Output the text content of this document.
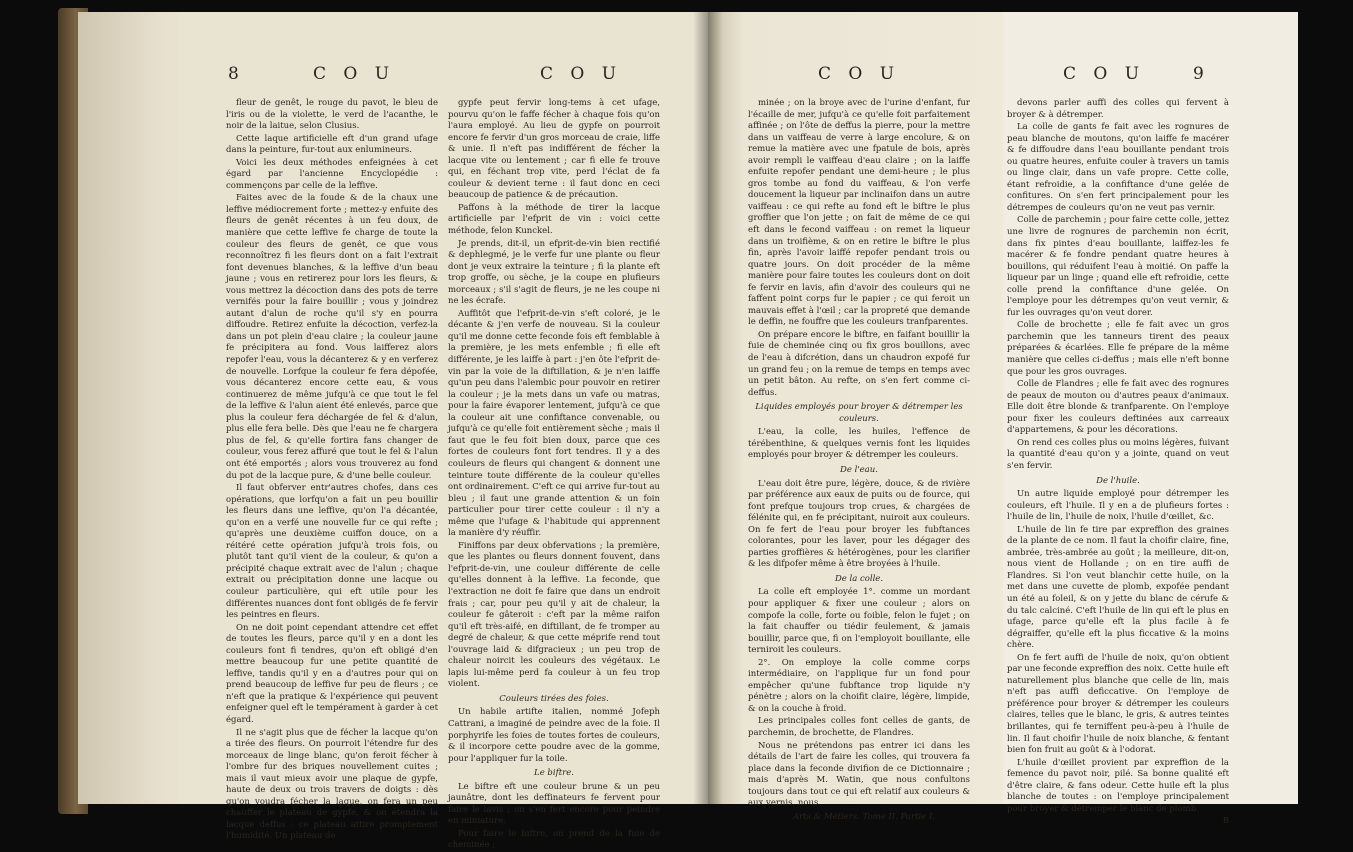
8	C O U	C O U

fleur de genêt, le rouge du pavot, le bleu de l'iris ou de la violette, le verd de l'acanthe, le noir de la laitue, selon Clusius.

Cette laque artificielle eft d'un grand ufage dans la peinture, fur-tout aux enlumineurs.

Voici les deux méthodes enfeignées à cet égard par l'ancienne Encyclopédie : commençons par celle de la leffive.

Faites avec de la foude & de la chaux une leffive médiocrement forte ; mettez-y enfuite des fleurs de genêt récentes à un feu doux, de manière que cette leffive fe charge de toute la couleur des fleurs de genêt, ce que vous reconnoîtrez fi les fleurs dont on a fait l'extrait font devenues blanches, & la leffive d'un beau jaune ; vous en retirerez pour lors les fleurs, & vous mettrez la décoction dans des pots de terre vernifés pour la faire bouillir ; vous y joindrez autant d'alun de roche qu'il s'y en pourra diffoudre. Retirez enfuite la décoction, verfez-la dans un pot plein d'eau claire ; la couleur jaune fe précipitera au fond. Vous laifferez alors repofer l'eau, vous la décanterez & y en verferez de nouvelle. Lorfque la couleur fe fera dépofée, vous décanterez encore cette eau, & vous continuerez de même jufqu'à ce que tout le fel de la leffive & l'alun aient été enlevés, parce que plus la couleur fera déchargée de fel & d'alun, plus elle fera belle. Dès que l'eau ne fe chargera plus de fel, & qu'elle fortira fans changer de couleur, vous ferez affuré que tout le fel & l'alun ont été emportés ; alors vous trouverez au fond du pot de la lacque pure, & d'une belle couleur.

Il faut obferver entr'autres chofes, dans ces opérations, que lorfqu'on a fait un peu bouillir les fleurs dans une leffive, qu'on l'a décantée, qu'on en a verfé une nouvelle fur ce qui refte ; qu'après une deuxième cuiffon douce, on a réitéré cette opération jufqu'à trois fois, ou plutôt tant qu'il vient de la couleur, & qu'on a précipité chaque extrait avec de l'alun ; chaque extrait ou précipitation donne une lacque ou couleur particulière, qui eft utile pour les différentes nuances dont font obligés de fe fervir les peintres en fleurs.

On ne doit point cependant attendre cet effet de toutes les fleurs, parce qu'il y en a dont les couleurs font fi tendres, qu'on eft obligé d'en mettre beaucoup fur une petite quantité de leffive, tandis qu'il y en a d'autres pour qui on prend beaucoup de leffive fur peu de fleurs ; ce n'eft que la pratique & l'expérience qui peuvent enfeigner quel eft le tempérament à garder à cet égard.

Il ne s'agit plus que de fécher la lacque qu'on a tirée des fleurs. On pourroit l'étendre fur des morceaux de linge blanc, qu'on feroit fécher à l'ombre fur des briques nouvellement cuites ; mais il vaut mieux avoir une plaque de gypfe, haute de deux ou trois travers de doigts : dès qu'on voudra fécher la laque, on fera un peu chauffer le plateau de gypfe, & on étendra la lacque deffus : ce plateau attire promptement l'humidité. Un plateau de

gypfe peut fervir long-tems à cet ufage, pourvu qu'on le faffe fécher à chaque fois qu'on l'aura employé. Au lieu de gypfe on pourroit encore fe fervir d'un gros morceau de craie, liffe & unie. Il n'eft pas indifférent de fécher la lacque vite ou lentement ; car fi elle fe trouve qui, en féchant trop vite, perd l'éclat de fa couleur & devient terne : il faut donc en ceci beaucoup de patience & de précaution.

Paffons à la méthode de tirer la lacque artificielle par l'efprit de vin : voici cette méthode, felon Kunckel.

Je prends, dit-il, un efprit-de-vin bien rectifié & dephlegmé, je le verfe fur une plante ou fleur dont je veux extraire la teinture ; fi la plante eft trop groffe, ou sèche, je la coupe en plufieurs morceaux ; s'il s'agit de fleurs, je ne les coupe ni ne les écrafe.

Auffitôt que l'efprit-de-vin s'eft coloré, je le décante & j'en verfe de nouveau. Si la couleur qu'il me donne cette feconde fois eft femblable à la première, je les mets enfemble ; fi elle eft différente, je les laiffe à part : j'en ôte l'efprit de-vin par la voie de la diftillation, & je n'en laiffe qu'un peu dans l'alembic pour pouvoir en retirer la couleur ; je la mets dans un vafe ou matras, pour la faire évaporer lentement, jufqu'à ce que la couleur ait une confiftance convenable, ou jufqu'à ce qu'elle foit entièrement sèche ; mais il faut que le feu foit bien doux, parce que ces fortes de couleurs font fort tendres. Il y a des couleurs de fleurs qui changent & donnent une teinture toute différente de la couleur qu'elles ont ordinairement. C'eft ce qui arrive fur-tout au bleu ; il faut une grande attention & un foin particulier pour tirer cette couleur : il n'y a même que l'ufage & l'habitude qui apprennent la manière d'y réuffir.

Finiffons par deux obfervations ; la première, que les plantes ou fleurs donnent fouvent, dans l'efprit-de-vin, une couleur différente de celle qu'elles donnent à la leffive. La feconde, que l'extraction ne doit fe faire que dans un endroit frais ; car, pour peu qu'il y ait de chaleur, la couleur fe gâteroit : c'eft par la même raifon qu'il eft très-aifé, en diftillant, de fe tromper au degré de chaleur, & que cette méprife rend tout l'ouvrage laid & difgracieux ; un peu trop de chaleur noircit les couleurs des végétaux. Le lapis lui-même perd fa couleur à un feu trop violent.

Couleurs tirées des foies.

Un habile artifte italien, nommé Jofeph Cattrani, a imaginé de peindre avec de la foie. Il porphyrife les foies de toutes fortes de couleurs, & il incorpore cette poudre avec de la gomme, pour l'appliquer fur la toile.

Le biftre.

Le biftre eft une couleur brune & un peu jaunâtre, dont les deffinateurs fe fervent pour faire le lavis ; on s'en fert encore pour peindre en miniature.

Pour faire le biftre, on prend de la fuie de cheminée ;

C O U

minée ; on la broye avec de l'urine d'enfant, fur l'écaille de mer, jufqu'à ce qu'elle foit parfaitement affinée ; on l'ôte de deffus la pierre, pour la mettre dans un vaiffeau de verre à large encolure, & on remue la matière avec une fpatule de bois, après avoir rempli le vaiffeau d'eau claire ; on la laiffe enfuite repofer pendant une demi-heure ; le plus gros tombe au fond du vaiffeau, & l'on verfe doucement la liqueur par inclinaifon dans un autre vaiffeau : ce qui refte au fond eft le biftre le plus groffier que l'on jette ; on fait de même de ce qui eft dans le fecond vaiffeau : on remet la liqueur dans un troifième, & on en retire le biftre le plus fin, après l'avoir laiffé repofer pendant trois ou quatre jours. On doit procéder de la même manière pour faire toutes les couleurs dont on doit fe fervir en lavis, afin d'avoir des couleurs qui ne faffent point corps fur le papier ; ce qui feroit un mauvais effet à l'œil ; car la propreté que demande le deffin, ne fouffre que les couleurs tranfparentes.

On prépare encore le biftre, en faifant bouillir la fuie de cheminée cinq ou fix gros bouillons, avec de l'eau à difcrétion, dans un chaudron expofé fur un grand feu ; on la remue de temps en temps avec un petit bâton. Au refte, on s'en fert comme ci-deffus.

Liquides employés pour broyer & détremper les couleurs.

L'eau, la colle, les huiles, l'effence de térébenthine, & quelques vernis font les liquides employés pour broyer & détremper les couleurs.

De l'eau.

L'eau doit être pure, légère, douce, & de rivière par préférence aux eaux de puits ou de fource, qui font prefque toujours trop crues, & chargées de félénite qui, en fe précipitant, nuiroit aux couleurs. On fe fert de l'eau pour broyer les fubftances colorantes, pour les laver, pour les dégager des parties groffières & hétérogènes, pour les clarifier & les difpofer même à être broyées à l'huile.

De la colle.

La colle eft employée 1°. comme un mordant pour appliquer & fixer une couleur ; alors on compofe la colle, forte ou foible, felon le fujet ; on la fait chauffer ou tiédir feulement, & jamais bouillir, parce que, fi on l'employoit bouillante, elle terniroit les couleurs.

2°. On employe la colle comme corps intermédiaire, on l'applique fur un fond pour empêcher qu'une fubftance trop liquide n'y pénètre ; alors on la choifit claire, légère, limpide, & on la couche à froid.

Les principales colles font celles de gants, de parchemin, de brochette, de Flandres.

Nous ne prétendons pas entrer ici dans les détails de l'art de faire les colles, qui trouvera fa place dans la feconde divifion de ce Dictionnaire ; mais d'après M. Watin, que nous confultons toujours dans tout ce qui eft relatif aux couleurs & aux vernis, nous

Arts & Métiers. Tome II. Partie I.

C O U	9

devons parler auffi des colles qui fervent à broyer & à détremper.

La colle de gants fe fait avec les rognures de peau blanche de moutons, qu'on laiffe fe macérer & fe diffoudre dans l'eau bouillante pendant trois ou quatre heures, enfuite couler à travers un tamis ou linge clair, dans un vafe propre. Cette colle, étant refroidie, a la confiftance d'une gelée de confitures. On s'en fert principalement pour les détrempes de couleurs qu'on ne veut pas vernir.

Colle de parchemin ; pour faire cette colle, jettez une livre de rognures de parchemin non écrit, dans fix pintes d'eau bouillante, laiffez-les fe macérer & fe fondre pendant quatre heures à bouillons, qui réduifent l'eau à moitié. On paffe la liqueur par un linge ; quand elle eft refroidie, cette colle prend la confiftance d'une gelée. On l'employe pour les détrempes qu'on veut vernir, & fur les ouvrages qu'on veut dorer.

Colle de brochette ; elle fe fait avec un gros parchemin que les tanneurs tirent des peaux préparées & écarlées. Elle fe prépare de la même manière que celles ci-deffus ; mais elle n'eft bonne que pour les gros ouvrages.

Colle de Flandres ; elle fe fait avec des rognures de peaux de mouton ou d'autres peaux d'animaux. Elle doit être blonde & tranfparente. On l'employe pour fixer les couleurs deftinées aux carreaux d'appartemens, & pour les décorations.

On rend ces colles plus ou moins légères, fuivant la quantité d'eau qu'on y a jointe, quand on veut s'en fervir.

De l'huile.

Un autre liquide employé pour détremper les couleurs, eft l'huile. Il y en a de plufieurs fortes : l'huile de lin, l'huile de noix, l'huile d'œillet, &c.

L'huile de lin fe tire par expreffion des graines de la plante de ce nom. Il faut la choifir claire, fine, ambrée, très-ambrée au goût ; la meilleure, dit-on, nous vient de Hollande ; on en tire auffi de Flandres. Si l'on veut blanchir cette huile, on la met dans une cuvette de plomb, expofée pendant un été au foleil, & on y jette du blanc de cérufe & du talc calciné. C'eft l'huile de lin qui eft le plus en ufage, parce qu'elle eft la plus facile à fe dégraiffer, qu'elle eft la plus ficcative & la moins chère.

On fe fert auffi de l'huile de noix, qu'on obtient par une feconde expreffion des noix. Cette huile eft naturellement plus blanche que celle de lin, mais n'eft pas auffi deficcative. On l'employe de préférence pour broyer & détremper les couleurs claires, telles que le blanc, le gris, & autres teintes brillantes, qui fe terniffent peu-à-peu à l'huile de lin. Il faut choifir l'huile de noix blanche, & fentant bien fon fruit au goût & à l'odorat.

L'huile d'œillet provient par expreffion de la femence du pavot noir, pilé. Sa bonne qualité eft d'être claire, & fans odeur. Cette huile eft la plus blanche de toutes : on l'employe principalement pour broyer & détremper le blanc de plomb.

B
